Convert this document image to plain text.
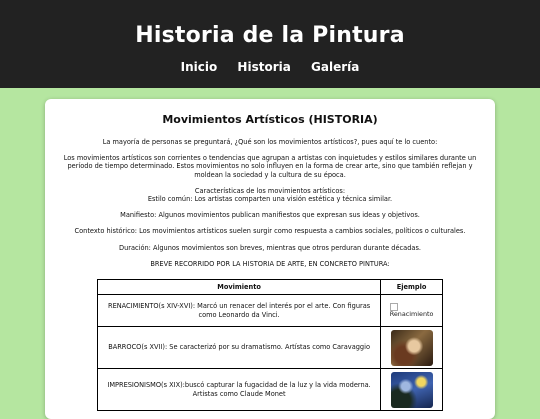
Historia de la Pintura
Inicio Historia Galería
Movimientos Artísticos (HISTORIA)

La mayoría de personas se preguntará, ¿Qué son los movimientos artísticos?, pues aquí te lo cuento:

Los movimientos artísticos son corrientes o tendencias que agrupan a artistas con inquietudes y estilos similares durante un período de tiempo determinado. Estos movimientos no solo influyen en la forma de crear arte, sino que también reflejan y moldean la sociedad y la cultura de su época.

Características de los movimientos artísticos:

Estilo común: Los artistas comparten una visión estética y técnica similar.

Manifiesto: Algunos movimientos publican manifiestos que expresan sus ideas y objetivos.

Contexto histórico: Los movimientos artísticos suelen surgir como respuesta a cambios sociales, políticos o culturales.

Duración: Algunos movimientos son breves, mientras que otros perduran durante décadas.

BREVE RECORRIDO POR LA HISTORIA DE ARTE, EN CONCRETO PINTURA:

Movimiento	Ejemplo
RENACIMIENTO(s XIV-XVI): Marcó un renacer del interés por el arte. Con figuras como Leonardo da Vinci.	Renacimiento
BARROCO(s XVII): Se caracterizó por su dramatismo. Artístas como Caravaggio	
IMPRESIONISMO(s XIX):buscó capturar la fugacidad de la luz y la vida moderna. Artistas como Claude Monet	
